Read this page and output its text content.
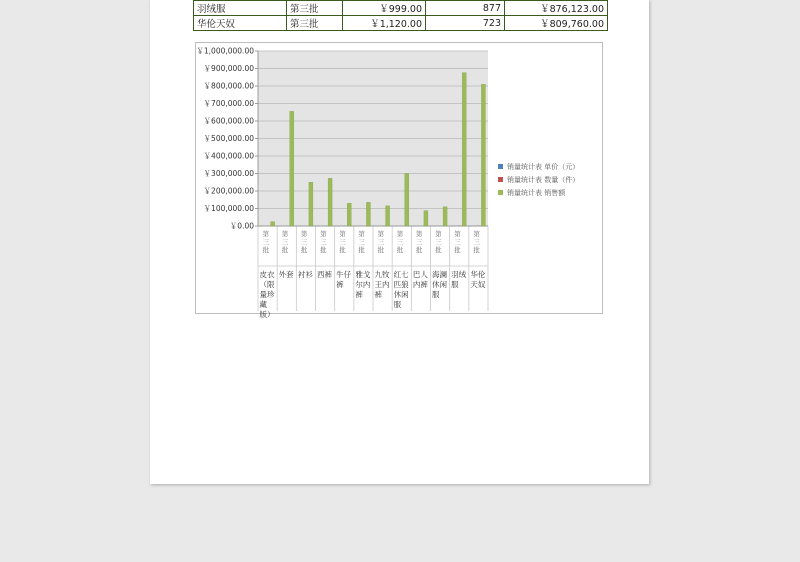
羽绒服	第三批	￥999.00	877	￥876,123.00
华伦天奴	第三批	￥1,120.00	723	￥809,760.00
￥0.00
￥100,000.00
￥200,000.00
￥300,000.00
￥400,000.00
￥500,000.00
￥600,000.00
￥700,000.00
￥800,000.00
￥900,000.00
￥1,000,000.00
销量统计表 单价（元）
销量统计表 数量（件）
销量统计表 销售额
第三批
皮衣（限量珍藏版）
第三批
外套
第三批
衬衫
第三批
西裤
第三批
牛仔裤
第三批
雅戈尔内裤
第三批
九牧王内裤
第三批
红七匹狼休闲服
第三批
巴人内裤
第三批
海澜休闲服
第三批
羽绒服
第三批
华伦天奴
